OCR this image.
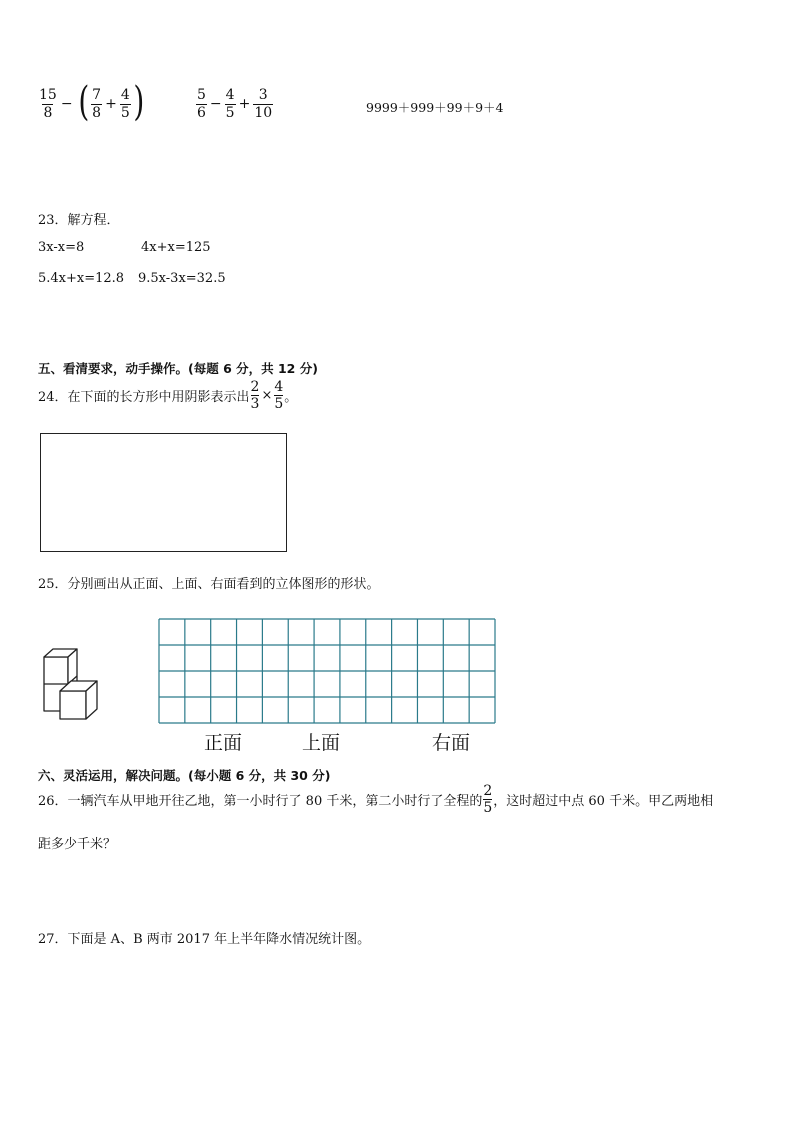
$\frac{15}{8}$ − ( $\frac{7}{8} + \frac{4}{5}$ )	$\frac{5}{6} - \frac{4}{5} + \frac{3}{10}$	9999＋999＋99＋9＋4
23．解方程．
3x-x=8	4x+x=125
5.4x+x=12.8 9.5x-3x=32.5
五、看清要求，动手操作。(每题 6 分，共 12 分)
24．在下面的长方形中用阴影表示出 $\frac{2}{3} \times \frac{4}{5}$ 。
25．分别画出从正面、上面、右面看到的立体图形的形状。
正面	上面	右面
六、灵活运用，解决问题。(每小题 6 分，共 30 分)
26．一辆汽车从甲地开往乙地，第一小时行了 80 千米，第二小时行了全程的 $\frac{2}{5}$ ，这时超过中点 60 千米。甲乙两地相
距多少千米？
27．下面是 A、B 两市 2017 年上半年降水情况统计图。
